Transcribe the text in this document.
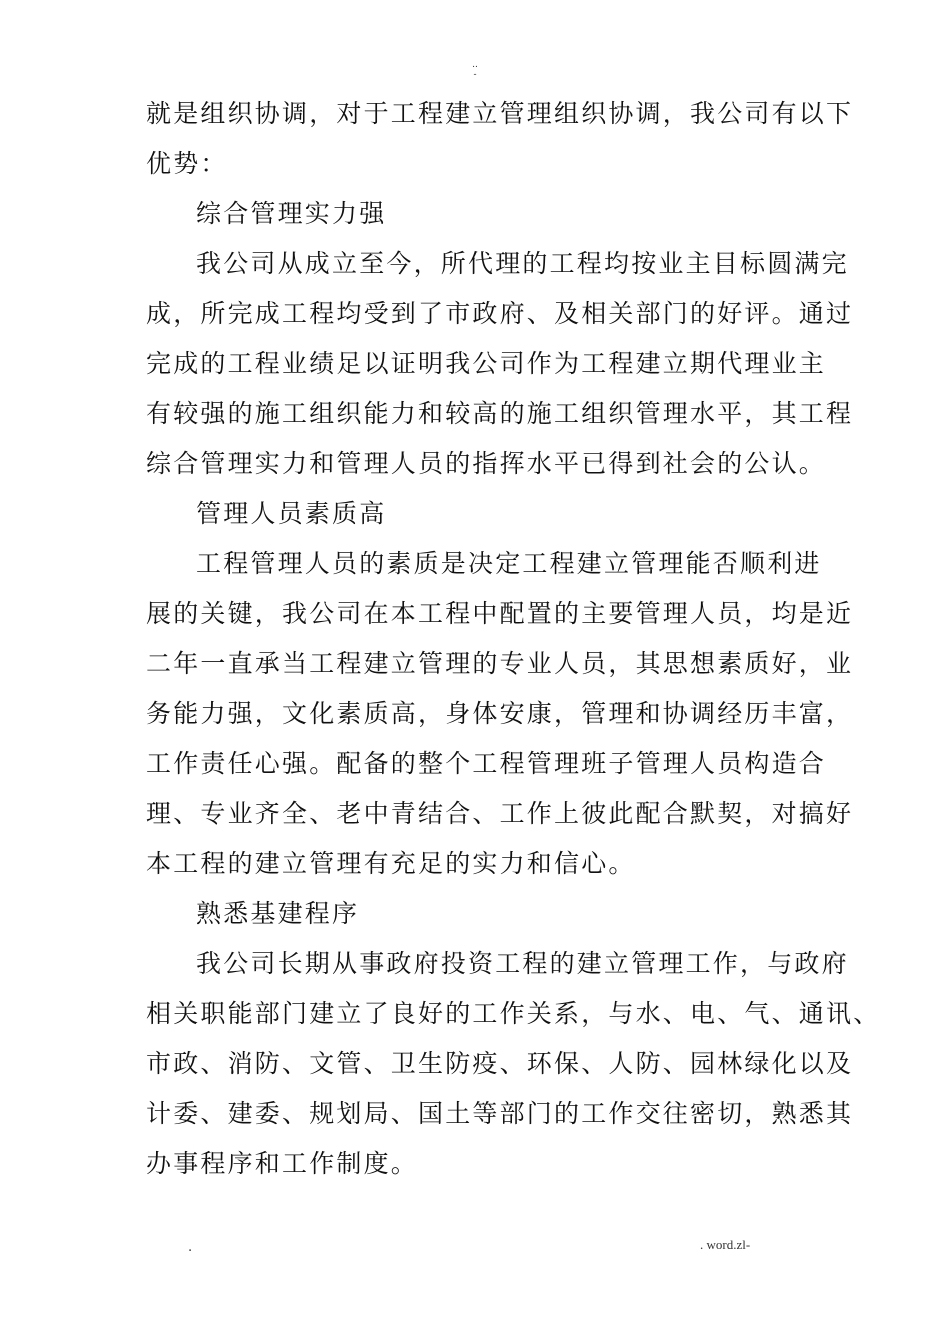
..
-
就是组织协调，对于工程建立管理组织协调，我公司有以下
优势：
综合管理实力强
我公司从成立至今，所代理的工程均按业主目标圆满完
成，所完成工程均受到了市政府、及相关部门的好评。通过
完成的工程业绩足以证明我公司作为工程建立期代理业主
有较强的施工组织能力和较高的施工组织管理水平，其工程
综合管理实力和管理人员的指挥水平已得到社会的公认。
管理人员素质高
工程管理人员的素质是决定工程建立管理能否顺利进
展的关键，我公司在本工程中配置的主要管理人员，均是近
二年一直承当工程建立管理的专业人员，其思想素质好，业
务能力强，文化素质高，身体安康，管理和协调经历丰富，
工作责任心强。配备的整个工程管理班子管理人员构造合
理、专业齐全、老中青结合、工作上彼此配合默契，对搞好
本工程的建立管理有充足的实力和信心。
熟悉基建程序
我公司长期从事政府投资工程的建立管理工作，与政府
相关职能部门建立了良好的工作关系，与水、电、气、通讯、
市政、消防、文管、卫生防疫、环保、人防、园林绿化以及
计委、建委、规划局、国土等部门的工作交往密切，熟悉其
办事程序和工作制度。
.	. word.zl-
